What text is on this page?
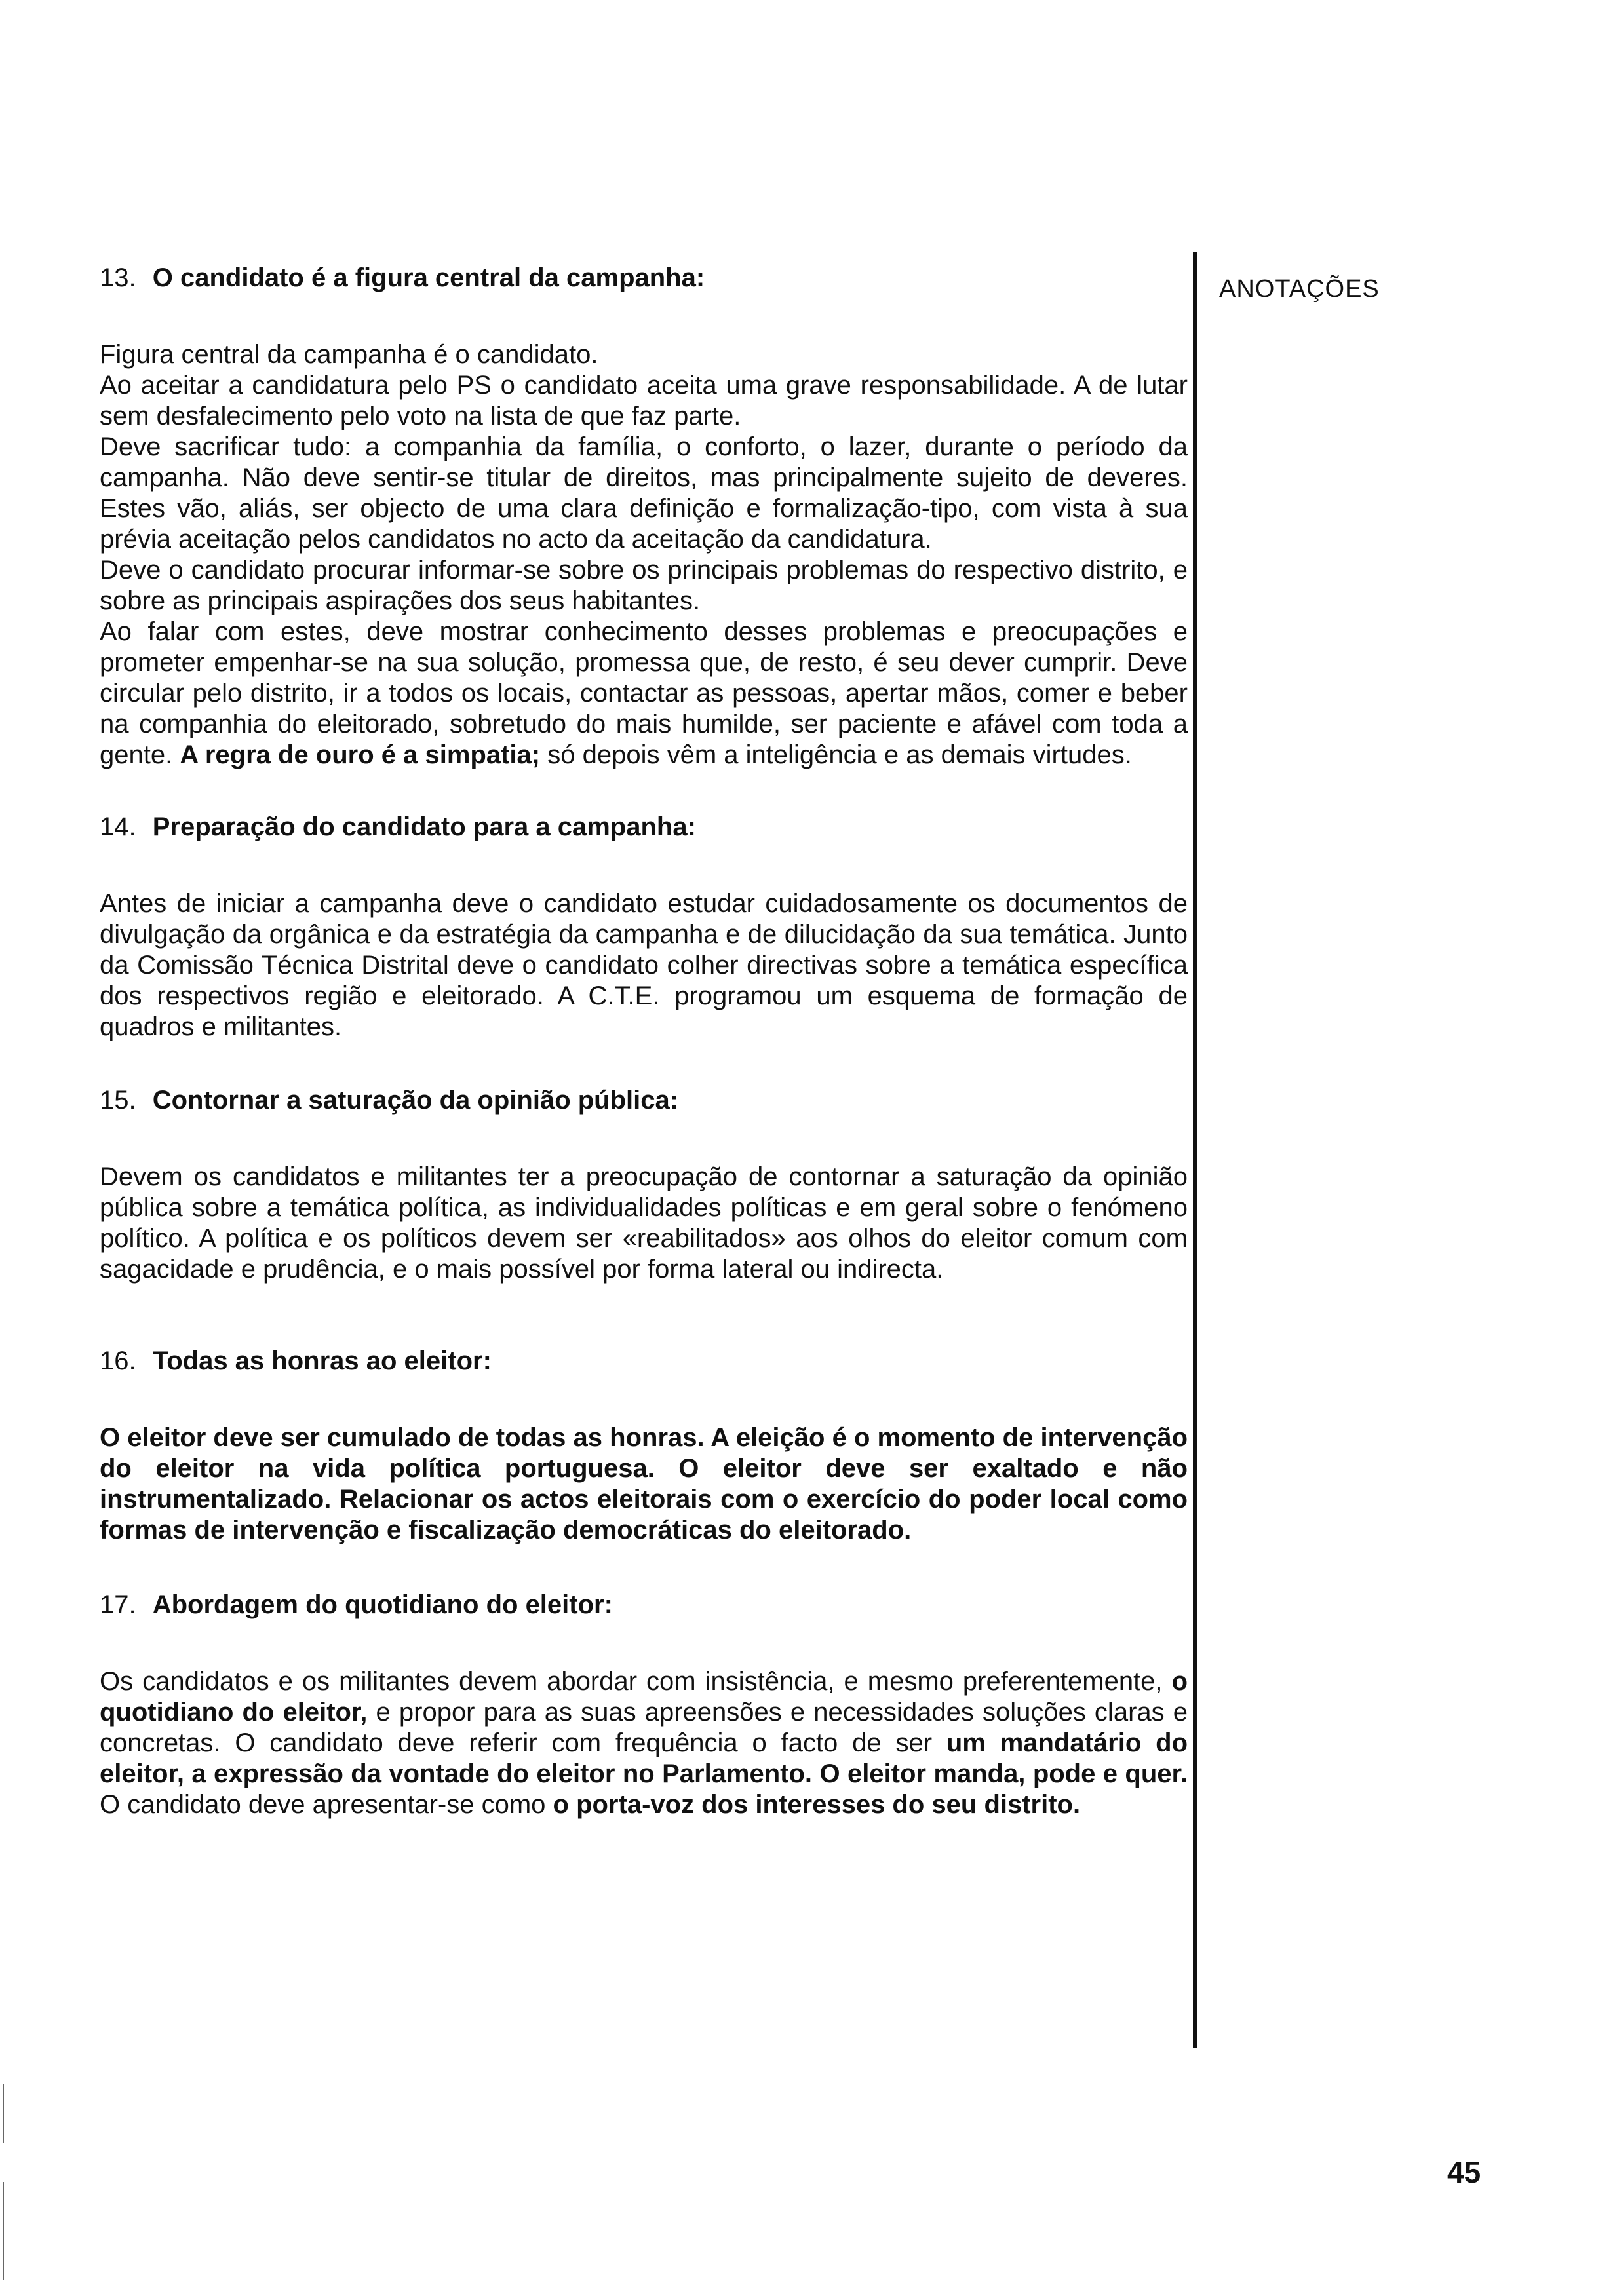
ANOTAÇÕES
13. O candidato é a figura central da campanha:

Figura central da campanha é o candidato.

Ao aceitar a candidatura pelo PS o candidato aceita uma grave responsabilidade. A de lutar sem desfalecimento pelo voto na lista de que faz parte.

Deve sacrificar tudo: a companhia da família, o conforto, o lazer, durante o período da campanha. Não deve sentir-se titular de direitos, mas principalmente sujeito de deveres. Estes vão, aliás, ser objecto de uma clara definição e formalização-tipo, com vista à sua prévia aceitação pelos candidatos no acto da aceitação da candidatura.

Deve o candidato procurar informar-se sobre os principais problemas do respectivo distrito, e sobre as principais aspirações dos seus habitantes.

Ao falar com estes, deve mostrar conhecimento desses problemas e preocupações e prometer empenhar-se na sua solução, promessa que, de resto, é seu dever cumprir. Deve circular pelo distrito, ir a todos os locais, contactar as pessoas, apertar mãos, comer e beber na companhia do eleitorado, sobretudo do mais humilde, ser paciente e afável com toda a gente. A regra de ouro é a simpatia; só depois vêm a inteligência e as demais virtudes.

14. Preparação do candidato para a campanha:

Antes de iniciar a campanha deve o candidato estudar cuidadosamente os documentos de divulgação da orgânica e da estratégia da campanha e de dilucidação da sua temática. Junto da Comissão Técnica Distrital deve o candidato colher directivas sobre a temática específica dos respectivos região e eleitorado. A C.T.E. programou um esquema de formação de quadros e militantes.

15. Contornar a saturação da opinião pública:

Devem os candidatos e militantes ter a preocupação de contornar a saturação da opinião pública sobre a temática política, as individualidades políticas e em geral sobre o fenómeno político. A política e os políticos devem ser «reabilitados» aos olhos do eleitor comum com sagacidade e prudência, e o mais possível por forma lateral ou indirecta.

16. Todas as honras ao eleitor:

O eleitor deve ser cumulado de todas as honras. A eleição é o momento de intervenção do eleitor na vida política portuguesa. O eleitor deve ser exaltado e não instrumentalizado. Relacionar os actos eleitorais com o exercício do poder local como formas de intervenção e fiscalização democráticas do eleitorado.

17. Abordagem do quotidiano do eleitor:

Os candidatos e os militantes devem abordar com insistência, e mesmo preferentemente, o quotidiano do eleitor, e propor para as suas apreensões e necessidades soluções claras e concretas. O candidato deve referir com frequência o facto de ser um mandatário do eleitor, a expressão da vontade do eleitor no Parlamento. O eleitor manda, pode e quer. O candidato deve apresentar-se como o porta-voz dos interesses do seu distrito.

45
